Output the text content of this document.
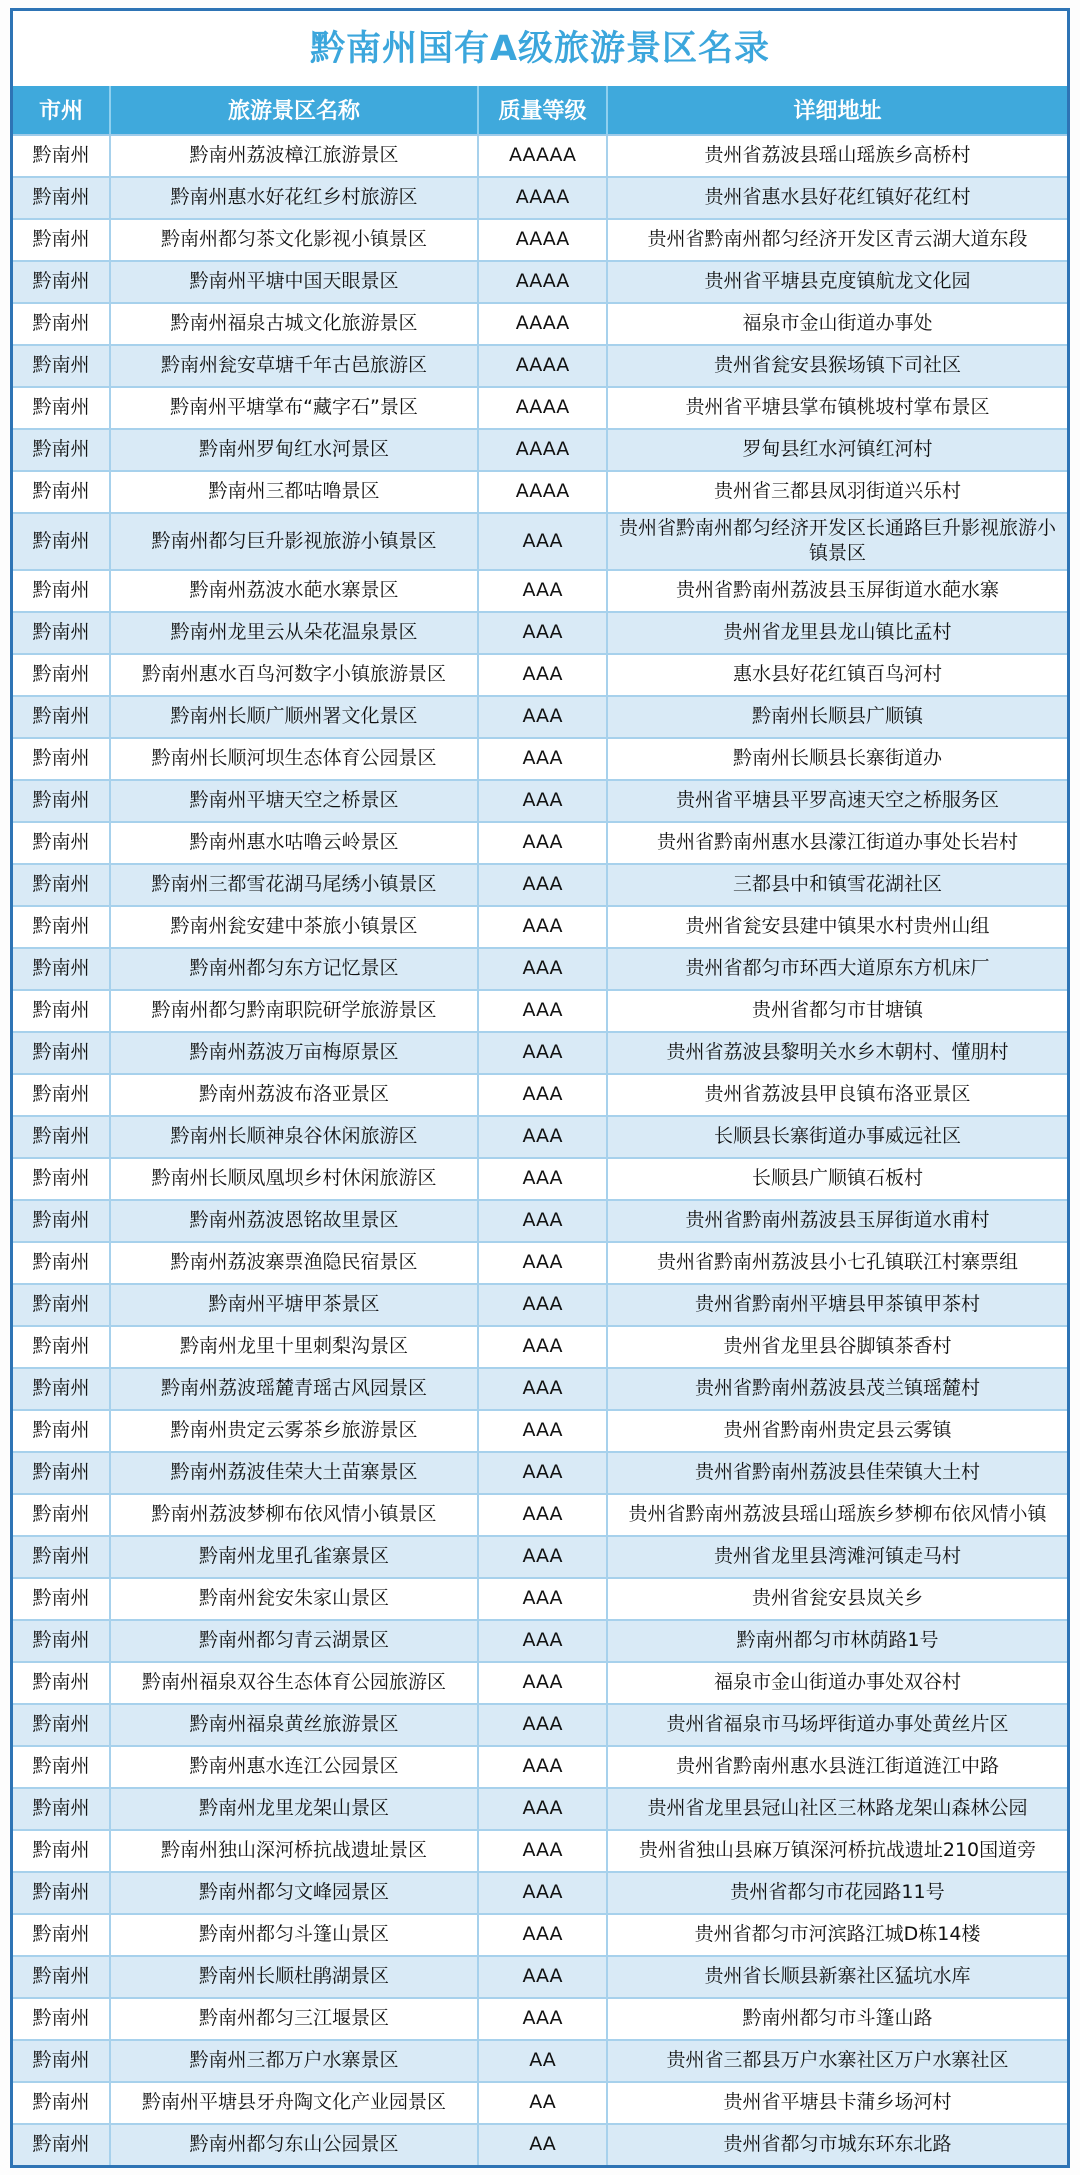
黔南州国有A级旅游景区名录
市州	旅游景区名称	质量等级	详细地址
黔南州	黔南州荔波樟江旅游景区	AAAAA	贵州省荔波县瑶山瑶族乡高桥村
黔南州	黔南州惠水好花红乡村旅游区	AAAA	贵州省惠水县好花红镇好花红村
黔南州	黔南州都匀茶文化影视小镇景区	AAAA	贵州省黔南州都匀经济开发区青云湖大道东段
黔南州	黔南州平塘中国天眼景区	AAAA	贵州省平塘县克度镇航龙文化园
黔南州	黔南州福泉古城文化旅游景区	AAAA	福泉市金山街道办事处
黔南州	黔南州瓮安草塘千年古邑旅游区	AAAA	贵州省瓮安县猴场镇下司社区
黔南州	黔南州平塘掌布“藏字石”景区	AAAA	贵州省平塘县掌布镇桃坡村掌布景区
黔南州	黔南州罗甸红水河景区	AAAA	罗甸县红水河镇红河村
黔南州	黔南州三都咕噜景区	AAAA	贵州省三都县凤羽街道兴乐村
黔南州	黔南州都匀巨升影视旅游小镇景区	AAA	贵州省黔南州都匀经济开发区长通路巨升影视旅游小镇景区
黔南州	黔南州荔波水葩水寨景区	AAA	贵州省黔南州荔波县玉屏街道水葩水寨
黔南州	黔南州龙里云从朵花温泉景区	AAA	贵州省龙里县龙山镇比孟村
黔南州	黔南州惠水百鸟河数字小镇旅游景区	AAA	惠水县好花红镇百鸟河村
黔南州	黔南州长顺广顺州署文化景区	AAA	黔南州长顺县广顺镇
黔南州	黔南州长顺河坝生态体育公园景区	AAA	黔南州长顺县长寨街道办
黔南州	黔南州平塘天空之桥景区	AAA	贵州省平塘县平罗高速天空之桥服务区
黔南州	黔南州惠水咕噜云岭景区	AAA	贵州省黔南州惠水县濛江街道办事处长岩村
黔南州	黔南州三都雪花湖马尾绣小镇景区	AAA	三都县中和镇雪花湖社区
黔南州	黔南州瓮安建中茶旅小镇景区	AAA	贵州省瓮安县建中镇果水村贵州山组
黔南州	黔南州都匀东方记忆景区	AAA	贵州省都匀市环西大道原东方机床厂
黔南州	黔南州都匀黔南职院研学旅游景区	AAA	贵州省都匀市甘塘镇
黔南州	黔南州荔波万亩梅原景区	AAA	贵州省荔波县黎明关水乡木朝村、懂朋村
黔南州	黔南州荔波布洛亚景区	AAA	贵州省荔波县甲良镇布洛亚景区
黔南州	黔南州长顺神泉谷休闲旅游区	AAA	长顺县长寨街道办事威远社区
黔南州	黔南州长顺凤凰坝乡村休闲旅游区	AAA	长顺县广顺镇石板村
黔南州	黔南州荔波恩铭故里景区	AAA	贵州省黔南州荔波县玉屏街道水甫村
黔南州	黔南州荔波寨票渔隐民宿景区	AAA	贵州省黔南州荔波县小七孔镇联江村寨票组
黔南州	黔南州平塘甲茶景区	AAA	贵州省黔南州平塘县甲茶镇甲茶村
黔南州	黔南州龙里十里刺梨沟景区	AAA	贵州省龙里县谷脚镇茶香村
黔南州	黔南州荔波瑶麓青瑶古风园景区	AAA	贵州省黔南州荔波县茂兰镇瑶麓村
黔南州	黔南州贵定云雾茶乡旅游景区	AAA	贵州省黔南州贵定县云雾镇
黔南州	黔南州荔波佳荣大土苗寨景区	AAA	贵州省黔南州荔波县佳荣镇大土村
黔南州	黔南州荔波梦柳布依风情小镇景区	AAA	贵州省黔南州荔波县瑶山瑶族乡梦柳布依风情小镇
黔南州	黔南州龙里孔雀寨景区	AAA	贵州省龙里县湾滩河镇走马村
黔南州	黔南州瓮安朱家山景区	AAA	贵州省瓮安县岚关乡
黔南州	黔南州都匀青云湖景区	AAA	黔南州都匀市林荫路1号
黔南州	黔南州福泉双谷生态体育公园旅游区	AAA	福泉市金山街道办事处双谷村
黔南州	黔南州福泉黄丝旅游景区	AAA	贵州省福泉市马场坪街道办事处黄丝片区
黔南州	黔南州惠水连江公园景区	AAA	贵州省黔南州惠水县涟江街道涟江中路
黔南州	黔南州龙里龙架山景区	AAA	贵州省龙里县冠山社区三林路龙架山森林公园
黔南州	黔南州独山深河桥抗战遗址景区	AAA	贵州省独山县麻万镇深河桥抗战遗址210国道旁
黔南州	黔南州都匀文峰园景区	AAA	贵州省都匀市花园路11号
黔南州	黔南州都匀斗篷山景区	AAA	贵州省都匀市河滨路江城D栋14楼
黔南州	黔南州长顺杜鹃湖景区	AAA	贵州省长顺县新寨社区猛坑水库
黔南州	黔南州都匀三江堰景区	AAA	黔南州都匀市斗篷山路
黔南州	黔南州三都万户水寨景区	AA	贵州省三都县万户水寨社区万户水寨社区
黔南州	黔南州平塘县牙舟陶文化产业园景区	AA	贵州省平塘县卡蒲乡场河村
黔南州	黔南州都匀东山公园景区	AA	贵州省都匀市城东环东北路
